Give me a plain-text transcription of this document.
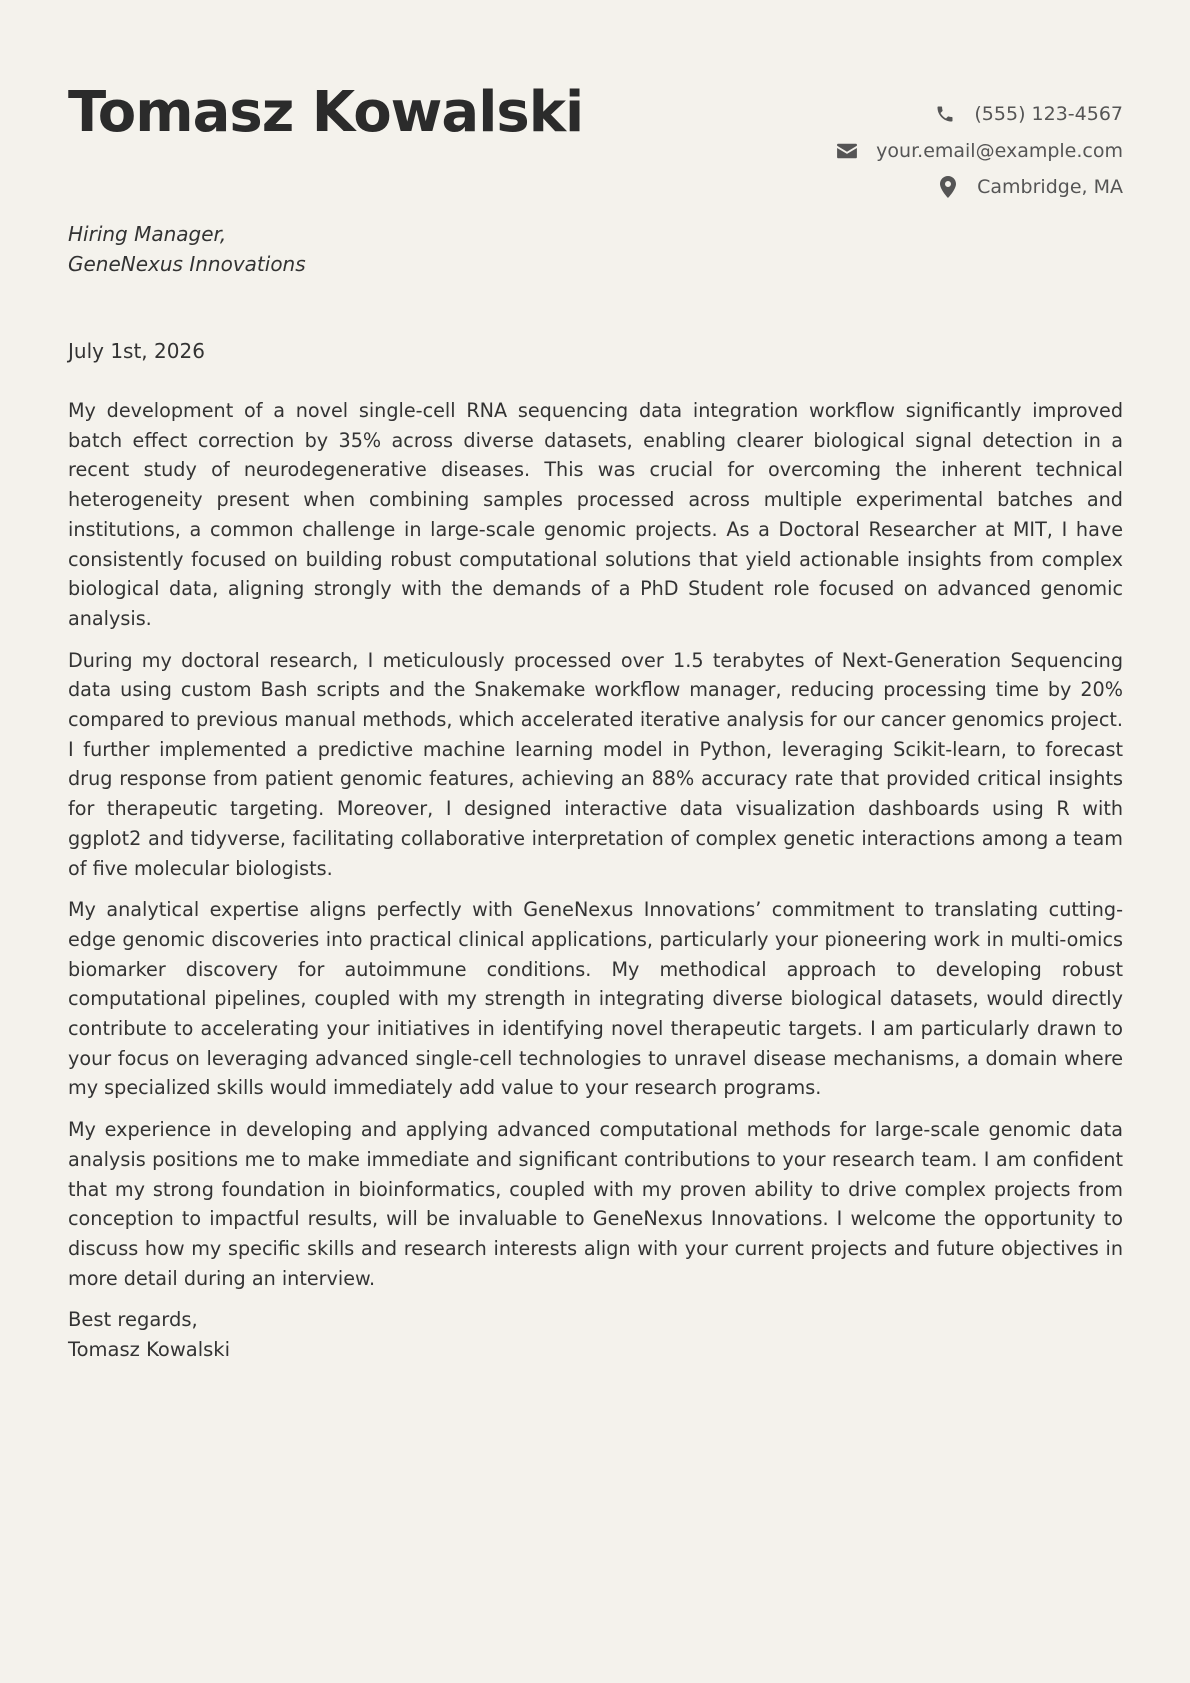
Tomasz Kowalski	(555) 123-4567
your.email@example.com
Cambridge, MA
Hiring Manager,
GeneNexus Innovations
July 1st, 2026

My development of a novel single-cell RNA sequencing data integration workflow significantly improved batch effect correction by 35% across diverse datasets, enabling clearer biological signal detection in a recent study of neurodegenerative diseases. This was crucial for overcoming the inherent technical heterogeneity present when combining samples processed across multiple experimental batches and institutions, a common challenge in large-scale genomic projects. As a Doctoral Researcher at MIT, I have consistently focused on building robust computational solutions that yield actionable insights from complex biological data, aligning strongly with the demands of a PhD Student role focused on advanced genomic analysis.

During my doctoral research, I meticulously processed over 1.5 terabytes of Next-Generation Sequencing data using custom Bash scripts and the Snakemake workflow manager, reducing processing time by 20% compared to previous manual methods, which accelerated iterative analysis for our cancer genomics project. I further implemented a predictive machine learning model in Python, leveraging Scikit-learn, to forecast drug response from patient genomic features, achieving an 88% accuracy rate that provided critical insights for therapeutic targeting. Moreover, I designed interactive data visualization dashboards using R with ggplot2 and tidyverse, facilitating collaborative interpretation of complex genetic interactions among a team of five molecular biologists.

My analytical expertise aligns perfectly with GeneNexus Innovations’ commitment to translating cutting-edge genomic discoveries into practical clinical applications, particularly your pioneering work in multi-omics biomarker discovery for autoimmune conditions. My methodical approach to developing robust computational pipelines, coupled with my strength in integrating diverse biological datasets, would directly contribute to accelerating your initiatives in identifying novel therapeutic targets. I am particularly drawn to your focus on leveraging advanced single-cell technologies to unravel disease mechanisms, a domain where my specialized skills would immediately add value to your research programs.

My experience in developing and applying advanced computational methods for large-scale genomic data analysis positions me to make immediate and significant contributions to your research team. I am confident that my strong foundation in bioinformatics, coupled with my proven ability to drive complex projects from conception to impactful results, will be invaluable to GeneNexus Innovations. I welcome the opportunity to discuss how my specific skills and research interests align with your current projects and future objectives in more detail during an interview.

Best regards,
Tomasz Kowalski
